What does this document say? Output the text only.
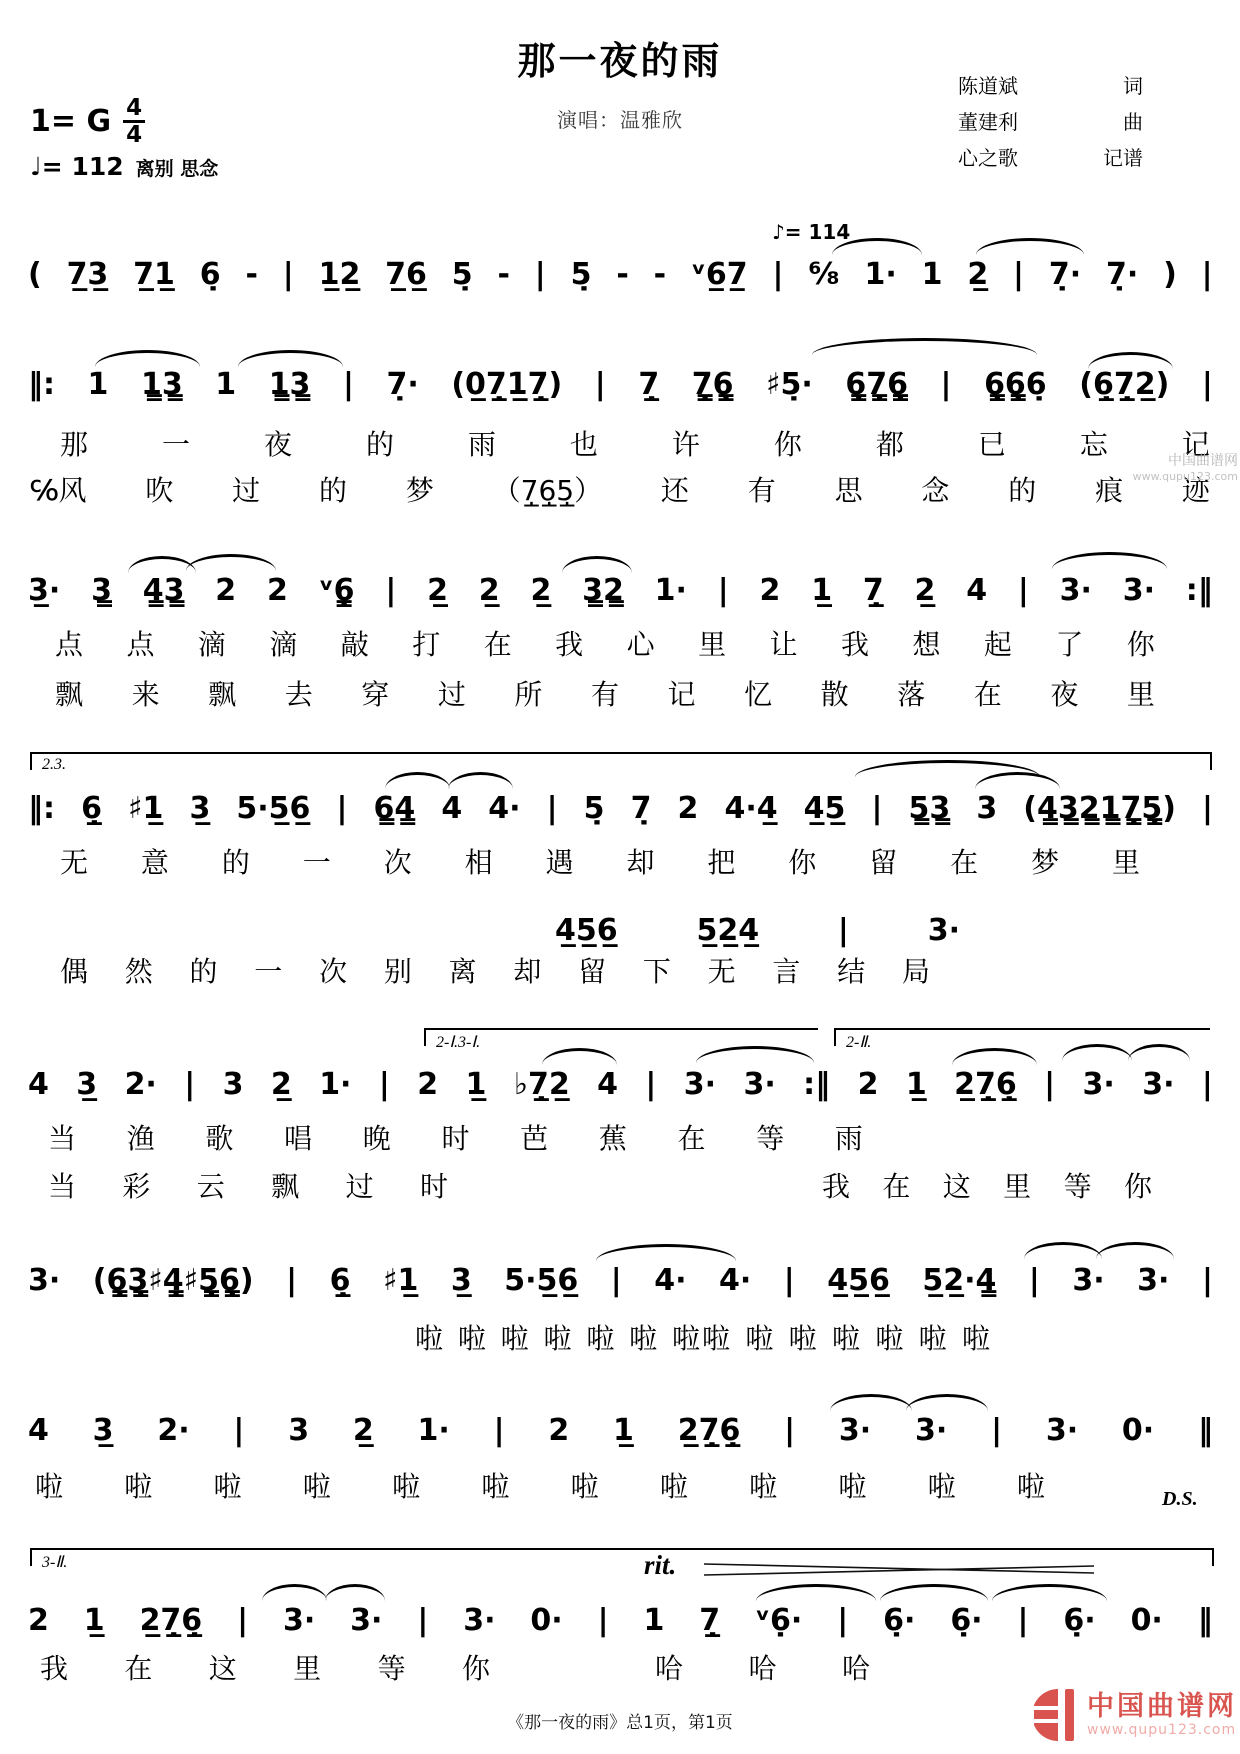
那一夜的雨
演唱：温雅欣
陈道斌	词
董建利	曲
心之歌	记谱
1= G 4
4
♩= 112 离别 思念
♪= 114
( 7̲3̲ 7̲1̲ 6̣ - | 1̲2̲ 7̲6̲ 5̣ - | 5̣ - - ᵛ6̲7̲ | ⁶⁄₈ 1· 1 2̲ | 7̣· 7̣· ) |
‖: 1 1̳3̳ 1 1̳3̳ | 7̣· (0̲7̲̣1̲7̲̣) | 7̲̣ 7̳̣6̳̣ ♯5̣· 6̳̣7̳̣6̳̣ | 6̳̣6̳̣6̣ (6̲̣7̲̣2̲) |
3̲· 3̳ 4̳3̳ 2 2 ᵛ6̳̣ | 2̲ 2̲ 2̲ 3̳2̳ 1· | 2 1̲ 7̲̣ 2̲ 4 | 3· 3· :‖
‖: 6̲̣ ♯1̲ 3̲ 5·5̲6̲ | 6̳4̳ 4 4· | 5̣ 7̣ 2 4·4̲ 4̲5̲ | 5̳3̳ 3 (4̳3̳2̳1̳7̳̣5̳̣) |
4̲5̲6̲	5̲2̲4̲	|	3·
4 3̲ 2· | 3 2̲ 1· | 2 1̲ ♭7̲̣2̲ 4 | 3· 3· :‖ 2 1̲ 2̲7̲̣6̲̣ | 3· 3· |
3· (6̳̣3̳̣♯4̳̣♯5̳̣6̳̣) | 6̲̣ ♯1̲ 3̲ 5·5̲6̲ | 4· 4· | 4̲5̲6̲ 5̲2̲·4̳ | 3· 3· |
4 3̲ 2· | 3 2̲ 1· | 2 1̲ 2̲7̲̣6̲̣ | 3· 3· | 3· 0· ‖
2 1̲ 2̲7̲̣6̲̣ | 3· 3· | 3· 0· | 1 7̲̣ ᵛ6̣· | 6̣· 6̣· | 6̣· 0· ‖
那	一	夜	的	雨	也	许	你	都	已	忘	记
℅风 吹 过 的 梦 （7̲̣6̲̣5̲̣） 还 有 思 念 的 痕 迹
点 点 滴 滴 敲 打 在 我 心 里 让 我 想 起 了 你
飘 来 飘 去 穿 过 所 有 记 忆 散 落 在 夜 里
无 意 的 一 次 相 遇 却 把 你 留 在 梦 里
偶 然 的 一 次 别 离 却 留 下 无 言 结 局
当 渔 歌 唱 晚 时 芭 蕉 在 等 雨
当 彩 云 飘 过 时	我 在 这 里 等 你
啦 啦 啦 啦 啦 啦 啦 啦 啦 啦 啦 啦 啦 啦
啦 啦 啦 啦 啦 啦 啦 啦 啦 啦 啦 啦
我 在 这 里 等 你	哈 哈 哈
2.3.
2-Ⅰ.3-Ⅰ.	2-Ⅱ.
3-Ⅱ.	rit.
D.S.
《那一夜的雨》总1页，第1页
中国曲谱网
www.qupu123.com
中国曲谱网
www.qupu123.com
